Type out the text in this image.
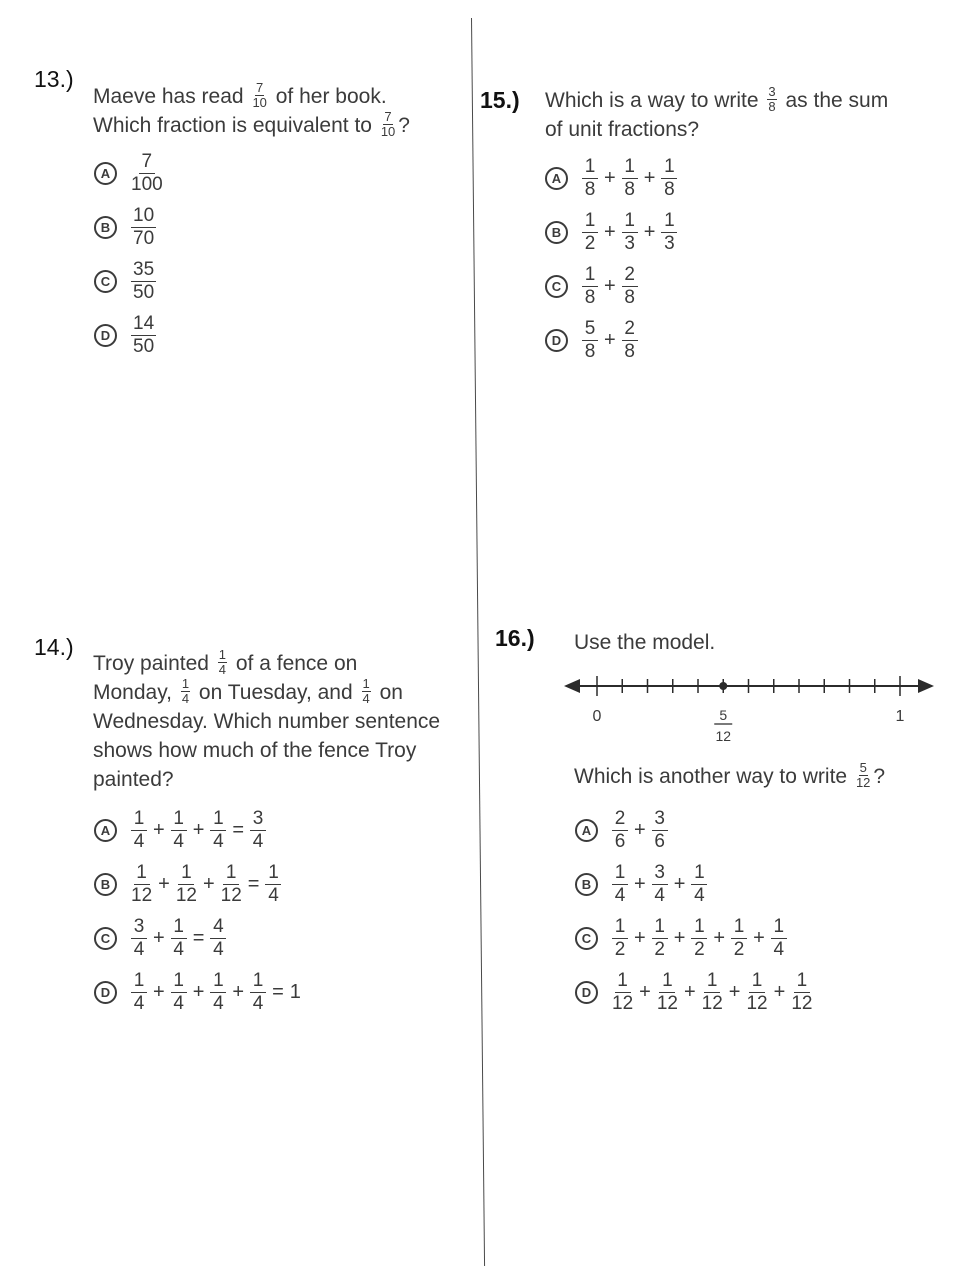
13.)
Maeve has read $\frac{7}{10}$ of her book.
Which fraction is equivalent to $\frac{7}{10}$ ?
A	$\frac{7}{100}$
B	$\frac{10}{70}$
C	$\frac{35}{50}$
D	$\frac{14}{50}$
15.) Which is a way to write $\frac{3}{8}$ as the sum
of unit fractions?
A	$\frac{1}{8} + \frac{1}{8} + \frac{1}{8}$
B	$\frac{1}{2} + \frac{1}{3} + \frac{1}{3}$
C	$\frac{1}{8} + \frac{2}{8}$
D	$\frac{5}{8} + \frac{2}{8}$
14.)
Troy painted $\frac{1}{4}$ of a fence on
Monday, $\frac{1}{4}$ on Tuesday, and $\frac{1}{4}$ on
Wednesday. Which number sentence
shows how much of the fence Troy
painted?
A	$\frac{1}{4} + \frac{1}{4} + \frac{1}{4} = \frac{3}{4}$
B	$\frac{1}{12} + \frac{1}{12} + \frac{1}{12} = \frac{1}{4}$
C	$\frac{3}{4} + \frac{1}{4} = \frac{4}{4}$
D	$\frac{1}{4} + \frac{1}{4} + \frac{1}{4} + \frac{1}{4} = 1$
16.) Use the model.
0	1
5
12
Which is another way to write $\frac{5}{12}$ ?
A	$\frac{2}{6} + \frac{3}{6}$
B	$\frac{1}{4} + \frac{3}{4} + \frac{1}{4}$
C	$\frac{1}{2} + \frac{1}{2} + \frac{1}{2} + \frac{1}{2} + \frac{1}{4}$
D	$\frac{1}{12} + \frac{1}{12} + \frac{1}{12} + \frac{1}{12} + \frac{1}{12}$
